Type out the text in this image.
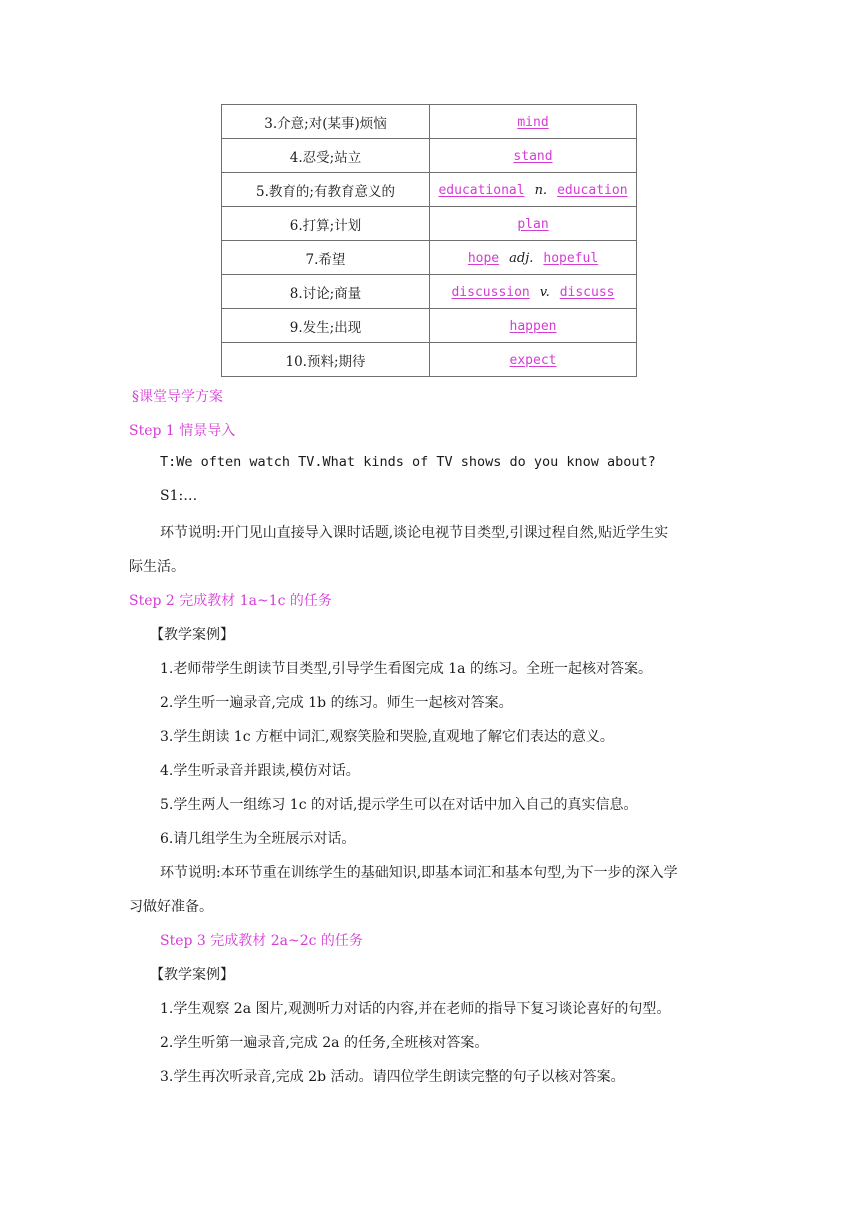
3.介意;对(某事)烦恼	mind
4.忍受;站立	stand
5.教育的;有教育意义的	educational n. education
6.打算;计划	plan
7.希望	hope adj. hopeful
8.讨论;商量	discussion v. discuss
9.发生;出现	happen
10.预料;期待	expect
§课堂导学方案
Step 1 情景导入
T:We often watch TV.What kinds of TV shows do you know about?
S1:…
环节说明:开门见山直接导入课时话题,谈论电视节目类型,引课过程自然,贴近学生实
际生活。
Step 2 完成教材 1a~1c 的任务
【教学案例】
1.老师带学生朗读节目类型,引导学生看图完成 1a 的练习。全班一起核对答案。
2.学生听一遍录音,完成 1b 的练习。师生一起核对答案。
3.学生朗读 1c 方框中词汇,观察笑脸和哭脸,直观地了解它们表达的意义。
4.学生听录音并跟读,模仿对话。
5.学生两人一组练习 1c 的对话,提示学生可以在对话中加入自己的真实信息。
6.请几组学生为全班展示对话。
环节说明:本环节重在训练学生的基础知识,即基本词汇和基本句型,为下一步的深入学
习做好准备。
Step 3 完成教材 2a~2c 的任务
【教学案例】
1.学生观察 2a 图片,观测听力对话的内容,并在老师的指导下复习谈论喜好的句型。
2.学生听第一遍录音,完成 2a 的任务,全班核对答案。
3.学生再次听录音,完成 2b 活动。请四位学生朗读完整的句子以核对答案。
